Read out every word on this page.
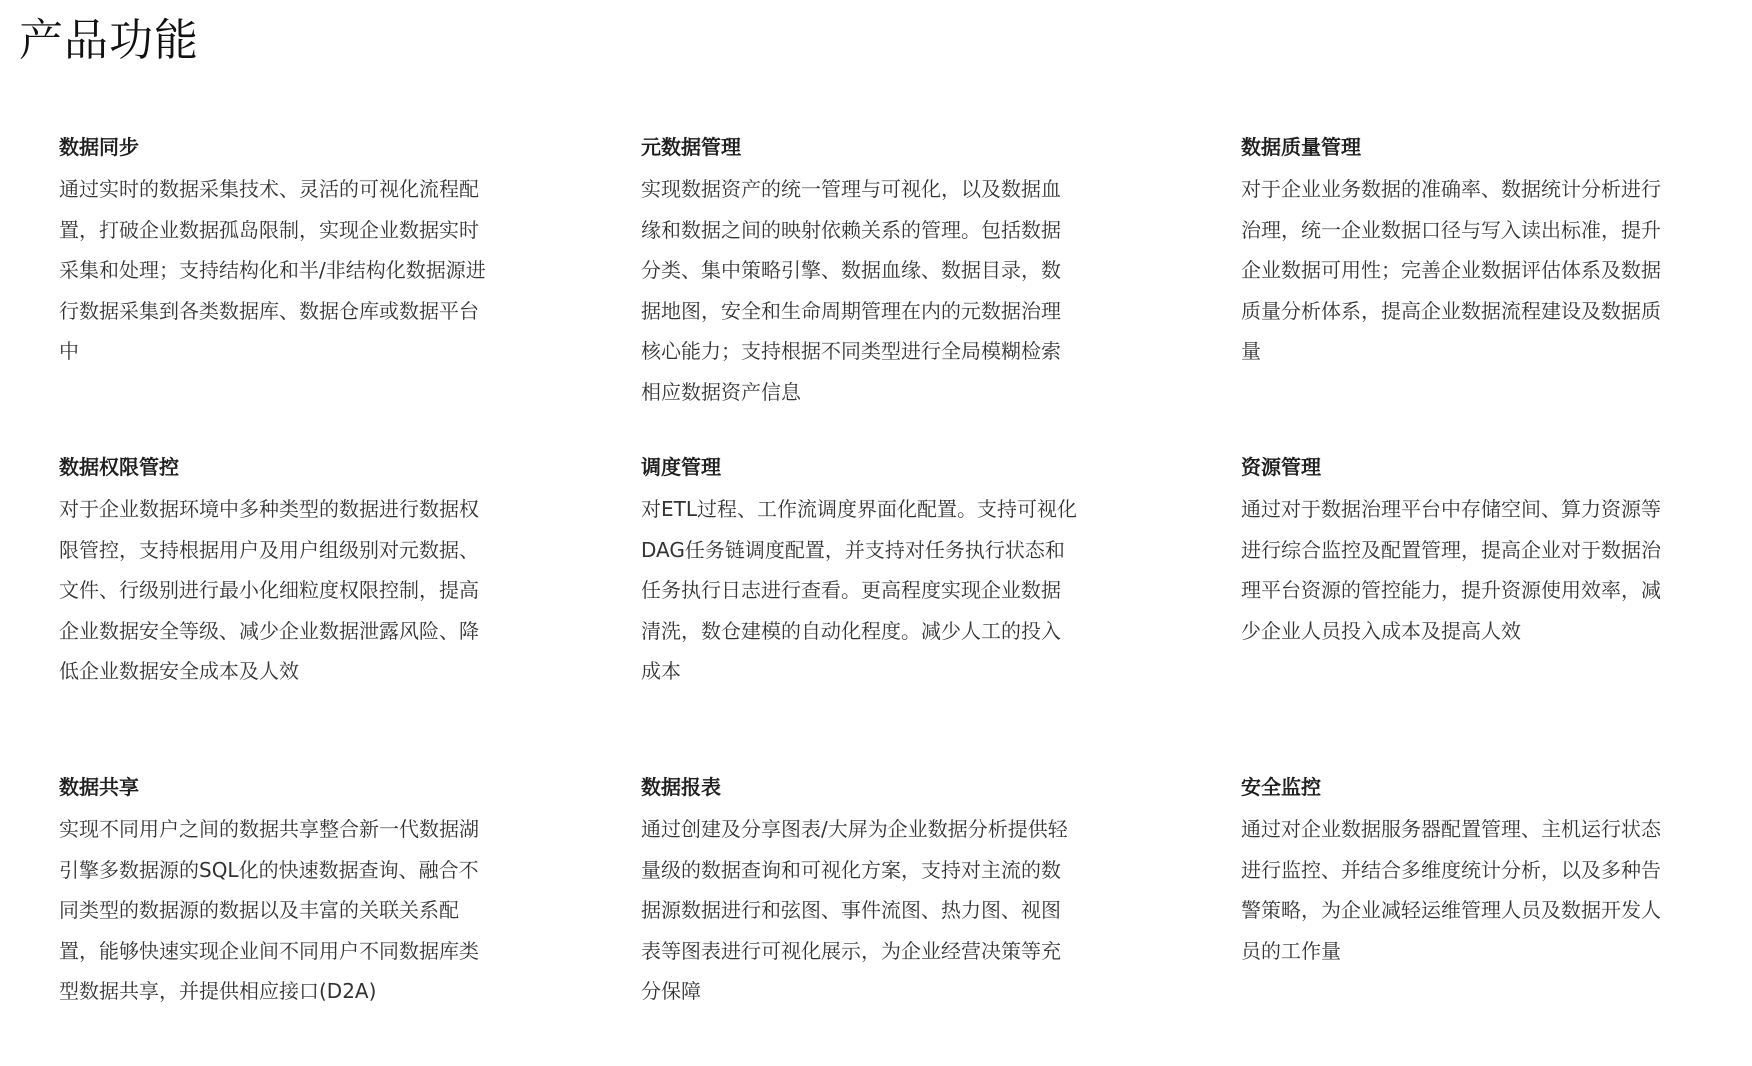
产品功能
数据同步

通过实时的数据采集技术、灵活的可视化流程配置，打破企业数据孤岛限制，实现企业数据实时采集和处理；支持结构化和半/非结构化数据源进行数据采集到各类数据库、数据仓库或数据平台中

元数据管理

实现数据资产的统一管理与可视化，以及数据血缘和数据之间的映射依赖关系的管理。包括数据分类、集中策略引擎、数据血缘、数据目录，数据地图，安全和生命周期管理在内的元数据治理核心能力；支持根据不同类型进行全局模糊检索相应数据资产信息

数据质量管理

对于企业业务数据的准确率、数据统计分析进行治理，统一企业数据口径与写入读出标准，提升企业数据可用性；完善企业数据评估体系及数据质量分析体系，提高企业数据流程建设及数据质量

数据权限管控

对于企业数据环境中多种类型的数据进行数据权限管控，支持根据用户及用户组级别对元数据、文件、行级别进行最小化细粒度权限控制，提高企业数据安全等级、减少企业数据泄露风险、降低企业数据安全成本及人效

调度管理

对ETL过程、工作流调度界面化配置。支持可视化DAG任务链调度配置，并支持对任务执行状态和任务执行日志进行查看。更高程度实现企业数据清洗，数仓建模的自动化程度。减少人工的投入成本

资源管理

通过对于数据治理平台中存储空间、算力资源等进行综合监控及配置管理，提高企业对于数据治理平台资源的管控能力，提升资源使用效率，减少企业人员投入成本及提高人效

数据共享

实现不同用户之间的数据共享整合新一代数据湖引擎多数据源的SQL化的快速数据查询、融合不同类型的数据源的数据以及丰富的关联关系配置，能够快速实现企业间不同用户不同数据库类型数据共享，并提供相应接口(D2A)

数据报表

通过创建及分享图表/大屏为企业数据分析提供轻量级的数据查询和可视化方案，支持对主流的数据源数据进行和弦图、事件流图、热力图、视图表等图表进行可视化展示，为企业经营决策等充分保障

安全监控

通过对企业数据服务器配置管理、主机运行状态进行监控、并结合多维度统计分析，以及多种告警策略，为企业减轻运维管理人员及数据开发人员的工作量
